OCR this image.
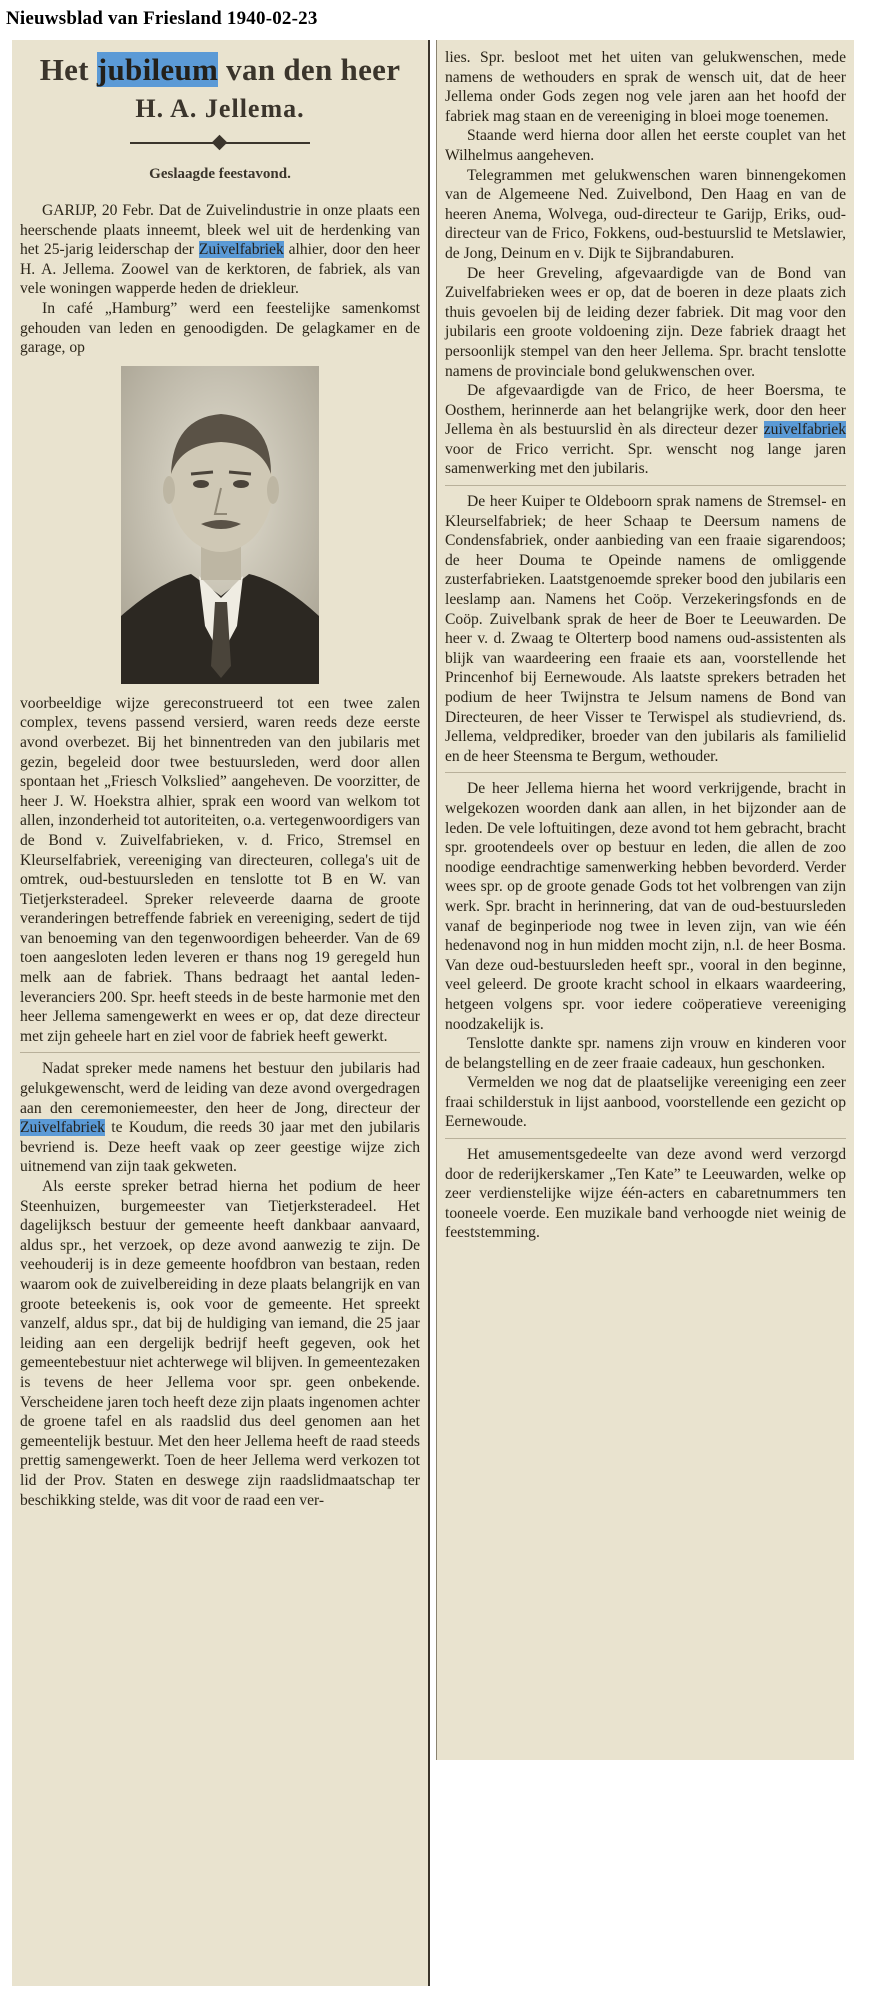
Nieuwsblad van Friesland 1940-02-23
Het jubileum van den heer
H. A. Jellema.
Geslaagde feestavond.

GARIJP, 20 Febr. Dat de Zuivelindustrie in onze plaats een heerschende plaats inneemt, bleek wel uit de herdenking van het 25-jarig leiderschap der Zuivelfabriek alhier, door den heer H. A. Jellema. Zoowel van de kerktoren, de fabriek, als van vele woningen wapperde heden de driekleur.

In café „Hamburg” werd een feestelijke samenkomst gehouden van leden en genoodigden. De gelagkamer en de garage, op

voorbeeldige wijze gereconstrueerd tot een twee zalen complex, tevens passend versierd, waren reeds deze eerste avond overbezet. Bij het binnentreden van den jubilaris met gezin, begeleid door twee bestuursleden, werd door allen spontaan het „Friesch Volkslied” aangeheven. De voorzitter, de heer J. W. Hoekstra alhier, sprak een woord van welkom tot allen, inzonderheid tot autoriteiten, o.a. vertegenwoordigers van de Bond v. Zuivelfabrieken, v. d. Frico, Stremsel en Kleurselfabriek, vereeniging van directeuren, collega's uit de omtrek, oud-bestuursleden en tenslotte tot B en W. van Tietjerksteradeel. Spreker releveerde daarna de groote veranderingen betreffende fabriek en vereeniging, sedert de tijd van benoeming van den tegenwoordigen beheerder. Van de 69 toen aangesloten leden leveren er thans nog 19 geregeld hun melk aan de fabriek. Thans bedraagt het aantal leden-leveranciers 200. Spr. heeft steeds in de beste harmonie met den heer Jellema samengewerkt en wees er op, dat deze directeur met zijn geheele hart en ziel voor de fabriek heeft gewerkt.

Nadat spreker mede namens het bestuur den jubilaris had gelukgewenscht, werd de leiding van deze avond overgedragen aan den ceremoniemeester, den heer de Jong, directeur der Zuivelfabriek te Koudum, die reeds 30 jaar met den jubilaris bevriend is. Deze heeft vaak op zeer geestige wijze zich uitnemend van zijn taak gekweten.

Als eerste spreker betrad hierna het podium de heer Steenhuizen, burgemeester van Tietjerksteradeel. Het dagelijksch bestuur der gemeente heeft dankbaar aanvaard, aldus spr., het verzoek, op deze avond aanwezig te zijn. De veehouderij is in deze gemeente hoofdbron van bestaan, reden waarom ook de zuivelbereiding in deze plaats belangrijk en van groote beteekenis is, ook voor de gemeente. Het spreekt vanzelf, aldus spr., dat bij de huldiging van iemand, die 25 jaar leiding aan een dergelijk bedrijf heeft gegeven, ook het gemeentebestuur niet achterwege wil blijven. In gemeentezaken is tevens de heer Jellema voor spr. geen onbekende. Verscheidene jaren toch heeft deze zijn plaats ingenomen achter de groene tafel en als raadslid dus deel genomen aan het gemeentelijk bestuur. Met den heer Jellema heeft de raad steeds prettig samengewerkt. Toen de heer Jellema werd verkozen tot lid der Prov. Staten en deswege zijn raadslidmaatschap ter beschikking stelde, was dit voor de raad een ver-

lies. Spr. besloot met het uiten van gelukwenschen, mede namens de wethouders en sprak de wensch uit, dat de heer Jellema onder Gods zegen nog vele jaren aan het hoofd der fabriek mag staan en de vereeniging in bloei moge toenemen.

Staande werd hierna door allen het eerste couplet van het Wilhelmus aangeheven.

Telegrammen met gelukwenschen waren binnengekomen van de Algemeene Ned. Zuivelbond, Den Haag en van de heeren Anema, Wolvega, oud-directeur te Garijp, Eriks, oud-directeur van de Frico, Fokkens, oud-bestuurslid te Metslawier, de Jong, Deinum en v. Dijk te Sijbrandaburen.

De heer Greveling, afgevaardigde van de Bond van Zuivelfabrieken wees er op, dat de boeren in deze plaats zich thuis gevoelen bij de leiding dezer fabriek. Dit mag voor den jubilaris een groote voldoening zijn. Deze fabriek draagt het persoonlijk stempel van den heer Jellema. Spr. bracht tenslotte namens de provinciale bond gelukwenschen over.

De afgevaardigde van de Frico, de heer Boersma, te Oosthem, herinnerde aan het belangrijke werk, door den heer Jellema èn als bestuurslid èn als directeur dezer zuivelfabriek voor de Frico verricht. Spr. wenscht nog lange jaren samenwerking met den jubilaris.

De heer Kuiper te Oldeboorn sprak namens de Stremsel- en Kleurselfabriek; de heer Schaap te Deersum namens de Condensfabriek, onder aanbieding van een fraaie sigarendoos; de heer Douma te Opeinde namens de omliggende zusterfabrieken. Laatstgenoemde spreker bood den jubilaris een leeslamp aan. Namens het Coöp. Verzekeringsfonds en de Coöp. Zuivelbank sprak de heer de Boer te Leeuwarden. De heer v. d. Zwaag te Olterterp bood namens oud-assistenten als blijk van waardeering een fraaie ets aan, voorstellende het Princenhof bij Eernewoude. Als laatste sprekers betraden het podium de heer Twijnstra te Jelsum namens de Bond van Directeuren, de heer Visser te Terwispel als studievriend, ds. Jellema, veldprediker, broeder van den jubilaris als familielid en de heer Steensma te Bergum, wethouder.

De heer Jellema hierna het woord verkrijgende, bracht in welgekozen woorden dank aan allen, in het bijzonder aan de leden. De vele loftuitingen, deze avond tot hem gebracht, bracht spr. grootendeels over op bestuur en leden, die allen de zoo noodige eendrachtige samenwerking hebben bevorderd. Verder wees spr. op de groote genade Gods tot het volbrengen van zijn werk. Spr. bracht in herinnering, dat van de oud-bestuursleden vanaf de beginperiode nog twee in leven zijn, van wie één hedenavond nog in hun midden mocht zijn, n.l. de heer Bosma. Van deze oud-bestuursleden heeft spr., vooral in den beginne, veel geleerd. De groote kracht school in elkaars waardeering, hetgeen volgens spr. voor iedere coöperatieve vereeniging noodzakelijk is.

Tenslotte dankte spr. namens zijn vrouw en kinderen voor de belangstelling en de zeer fraaie cadeaux, hun geschonken.

Vermelden we nog dat de plaatselijke vereeniging een zeer fraai schilderstuk in lijst aanbood, voorstellende een gezicht op Eernewoude.

Het amusementsgedeelte van deze avond werd verzorgd door de rederijkerskamer „Ten Kate” te Leeuwarden, welke op zeer verdienstelijke wijze één-acters en cabaretnummers ten tooneele voerde. Een muzikale band verhoogde niet weinig de feeststemming.
